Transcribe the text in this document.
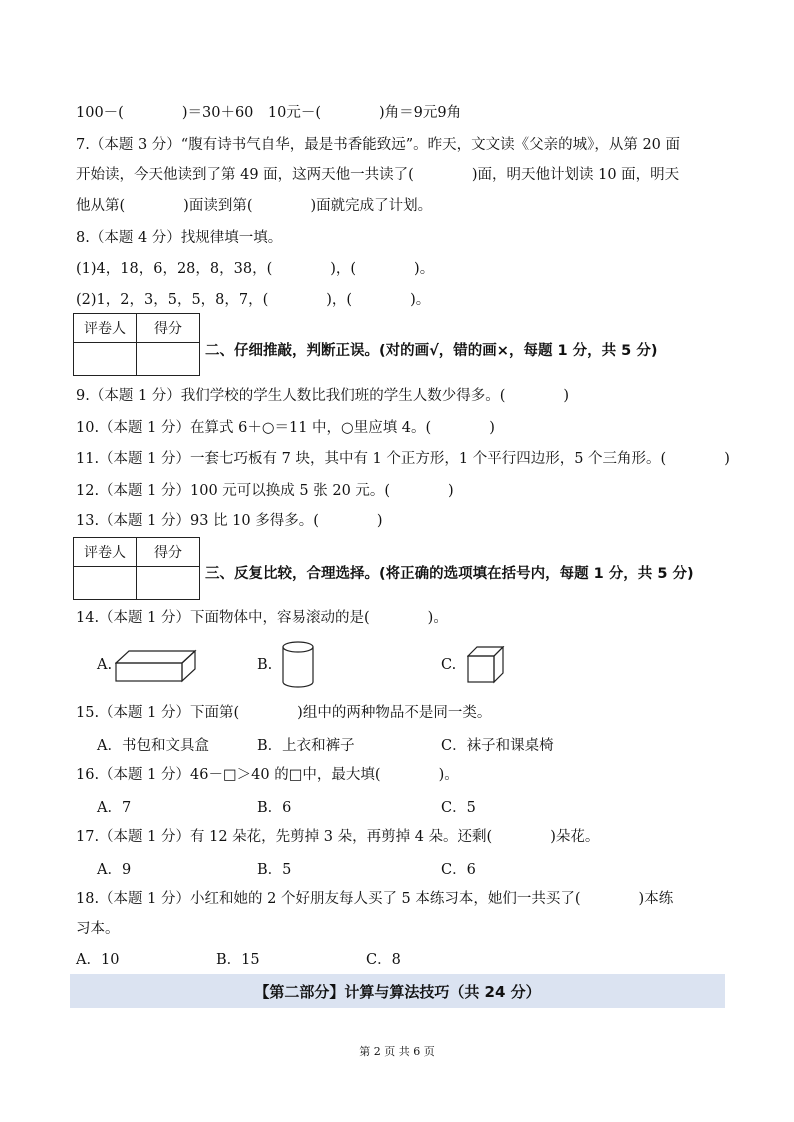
100－(　　　　)＝30＋60　10元－(　　　　)角＝9元9角
7.（本题 3 分）“腹有诗书气自华，最是书香能致远”。昨天，文文读《父亲的城》，从第 20 面
开始读，今天他读到了第 49 面，这两天他一共读了(　　　　)面，明天他计划读 10 面，明天
他从第(　　　　)面读到第(　　　　)面就完成了计划。
8.（本题 4 分）找规律填一填。
(1)4，18，6，28，8，38，(　　　　)，(　　　　)。
(2)1，2，3，5，5，8，7，(　　　　)，(　　　　)。
评卷人	得分

二、仔细推敲，判断正误。(对的画√，错的画×，每题 1 分，共 5 分)
9.（本题 1 分）我们学校的学生人数比我们班的学生人数少得多。(　　　　)
10.（本题 1 分）在算式 6＋○＝11 中，○里应填 4。(　　　　)
11.（本题 1 分）一套七巧板有 7 块，其中有 1 个正方形，1 个平行四边形，5 个三角形。(　　　　)
12.（本题 1 分）100 元可以换成 5 张 20 元。(　　　　)
13.（本题 1 分）93 比 10 多得多。(　　　　)
评卷人	得分

三、反复比较，合理选择。(将正确的选项填在括号内，每题 1 分，共 5 分)
14.（本题 1 分）下面物体中，容易滚动的是(　　　　)。
A.	B.	C.
15.（本题 1 分）下面第(　　　　)组中的两种物品不是同一类。
A．书包和文具盒	B．上衣和裤子	C．袜子和课桌椅
16.（本题 1 分）46－□＞40 的□中，最大填(　　　　)。
A．7	B．6	C．5
17.（本题 1 分）有 12 朵花，先剪掉 3 朵，再剪掉 4 朵。还剩(　　　　)朵花。
A．9	B．5	C．6
18.（本题 1 分）小红和她的 2 个好朋友每人买了 5 本练习本，她们一共买了(　　　　)本练
习本。
A．10	B．15	C．8
【第二部分】计算与算法技巧（共 24 分）
第 2 页 共 6 页
